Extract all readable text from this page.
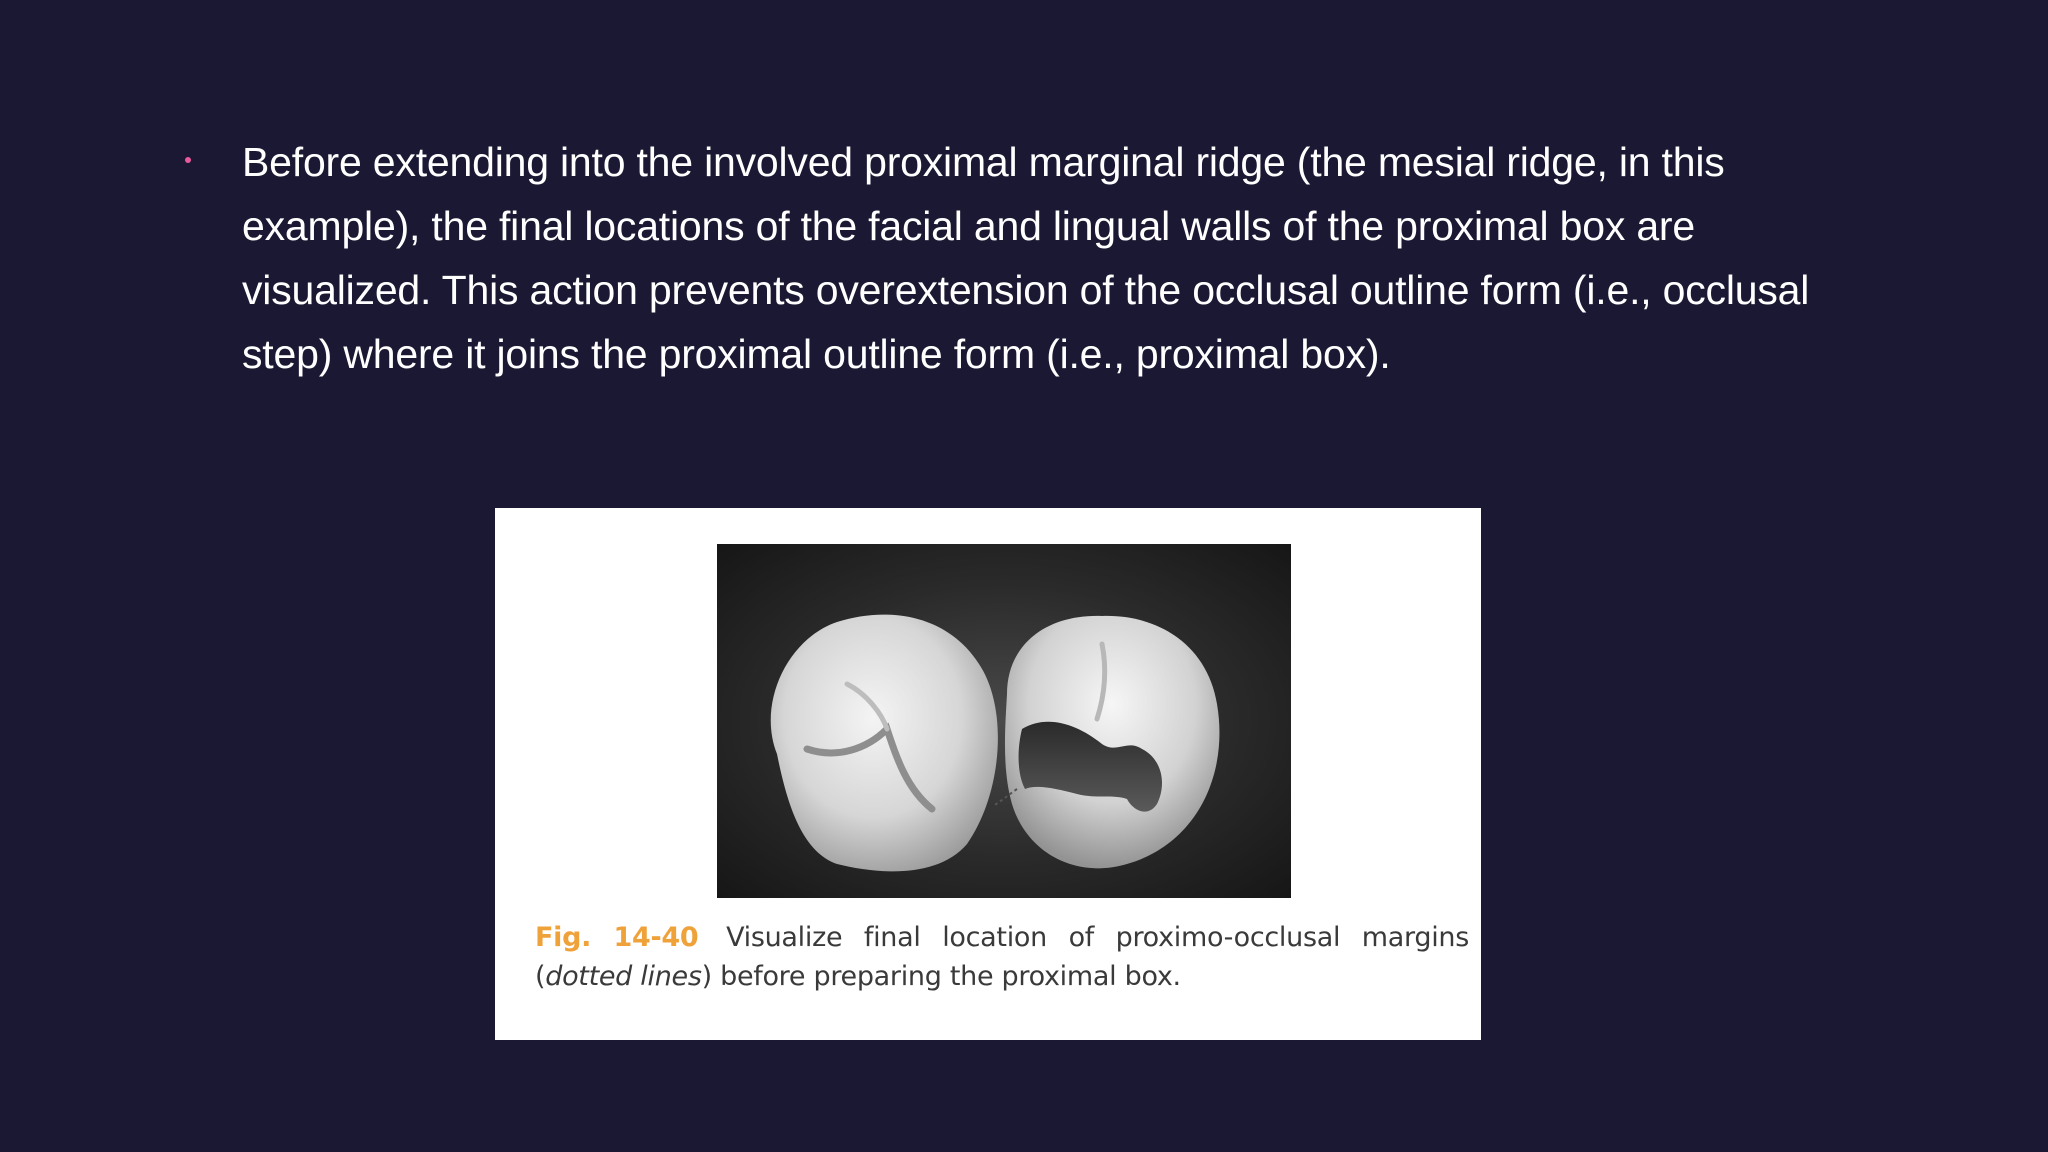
Before extending into the involved proximal marginal ridge (the mesial ridge, in this example), the final locations of the facial and lingual walls of the proximal box are visualized. This action prevents overextension of the occlusal outline form (i.e., occlusal step) where it joins the proximal outline form (i.e., proximal box).

Fig. 14-40 Visualize final location of proximo-occlusal margins (dotted lines) before preparing the proximal box.
